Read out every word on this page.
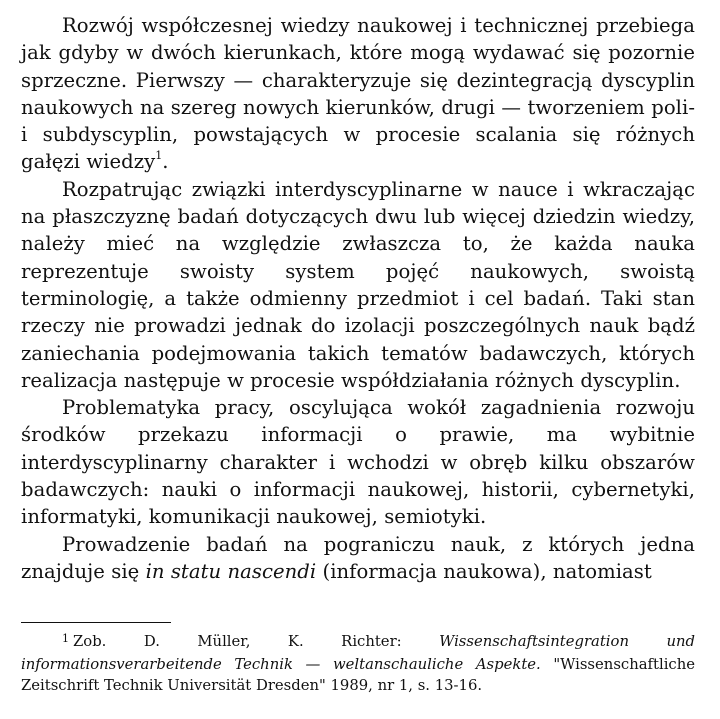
Rozwój współczesnej wiedzy naukowej i technicznej przebiega jak gdyby w dwóch kierunkach, które mogą wydawać się pozornie sprzeczne. Pierwszy — charakteryzuje się dezintegracją dyscyplin naukowych na szereg nowych kierunków, drugi — tworzeniem poli- i subdyscyplin, powstających w procesie scalania się różnych gałęzi wiedzy$^1$.

Rozpatrując związki interdyscyplinarne w nauce i wkraczając na płaszczyznę badań dotyczących dwu lub więcej dziedzin wiedzy, należy mieć na względzie zwłaszcza to, że każda nauka reprezentuje swoisty system pojęć naukowych, swoistą terminologię, a także odmienny przedmiot i cel badań. Taki stan rzeczy nie prowadzi jednak do izolacji poszczególnych nauk bądź zaniechania podejmowania takich tematów badawczych, których realizacja następuje w procesie współdziałania różnych dyscyplin.

Problematyka pracy, oscylująca wokół zagadnienia rozwoju środków przekazu informacji o prawie, ma wybitnie interdyscyplinarny charakter i wchodzi w obręb kilku obszarów badawczych: nauki o informacji naukowej, historii, cybernetyki, informatyki, komunikacji naukowej, semiotyki.

Prowadzenie badań na pograniczu nauk, z których jedna znajduje się in statu nascendi (informacja naukowa), natomiast

$^1$ Zob. D. Müller, K. Richter: Wissenschaftsintegration und informationsverarbeitende Technik — weltanschauliche Aspekte. "Wissenschaftliche Zeitschrift Technik Universität Dresden" 1989, nr 1, s. 13-16.
